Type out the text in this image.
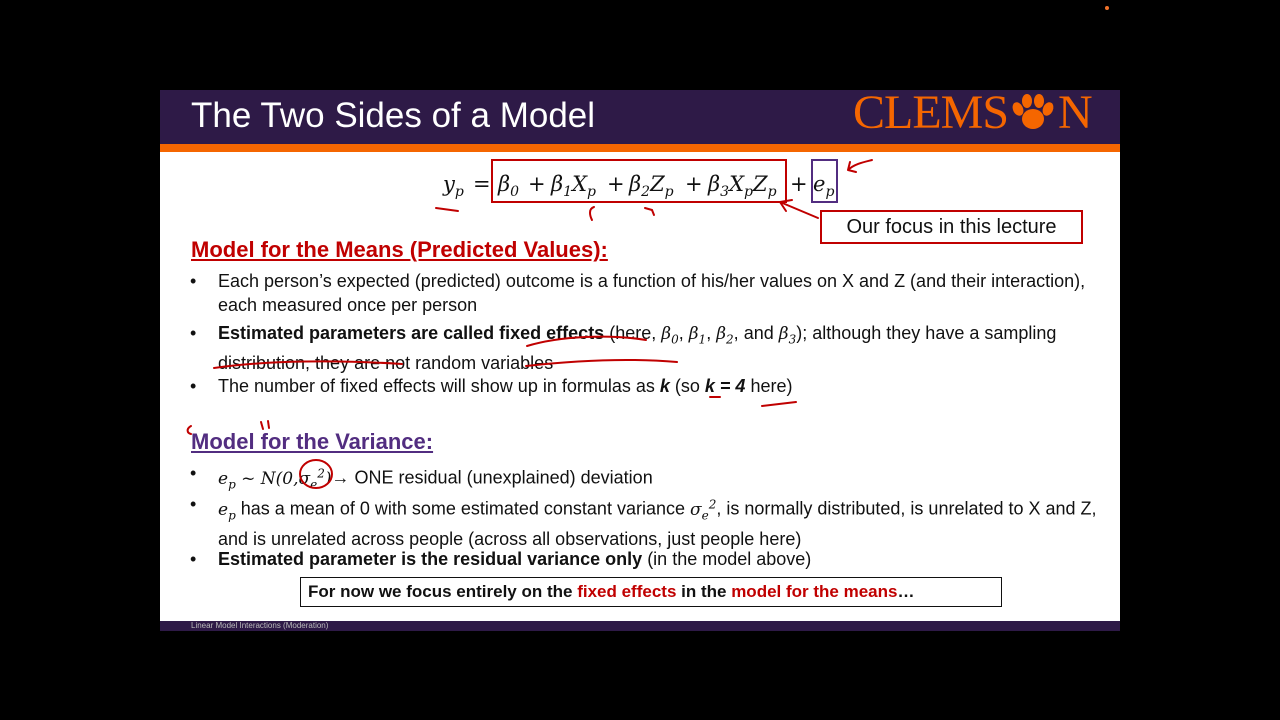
The Two Sides of a Model	CLEMS N
$y_p = \beta_0 + \beta_1X_p + \beta_2Z_p + \beta_3X_pZ_p + e_p$
Our focus in this lecture
Model for the Means (Predicted Values):
• Each person’s expected (predicted) outcome is a function of his/her values on X and Z (and their interaction), each measured once per person
• Estimated parameters are called fixed effects (here, $\beta_0$, $\beta_1$, $\beta_2$, and $\beta_3$); although they have a sampling distribution, they are not random variables
• The number of fixed effects will show up in formulas as k (so k = 4 here)
Model for the Variance:
• $e_p$ ~ $N(0,\sigma_e^2)\to$ ONE residual (unexplained) deviation
• $e_p$ has a mean of 0 with some estimated constant variance $\sigma_e^2$, is normally distributed, is unrelated to X and Z, and is unrelated across people (across all observations, just people here)
• Estimated parameter is the residual variance only (in the model above)
For now we focus entirely on the fixed effects in the model for the means…
Linear Model Interactions (Moderation)
